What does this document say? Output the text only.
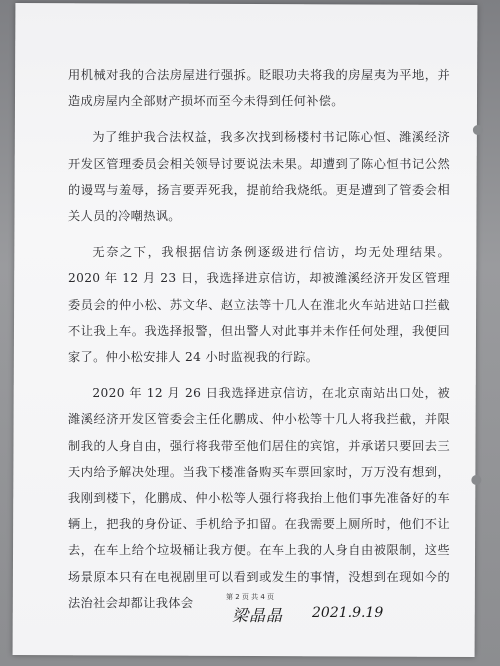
用机械对我的合法房屋进行强拆。眨眼功夫将我的房屋夷为平地，并造成房屋内全部财产损坏而至今未得到任何补偿。

为了维护我合法权益，我多次找到杨楼村书记陈心恒、潍溪经济开发区管理委员会相关领导讨要说法未果。却遭到了陈心恒书记公然的谩骂与羞辱，扬言要弄死我，提前给我烧纸。更是遭到了管委会相关人员的冷嘲热讽。

无奈之下，我根据信访条例逐级进行信访，均无处理结果。2020 年 12 月 23 日，我选择进京信访，却被潍溪经济开发区管理委员会的仲小松、苏文华、赵立法等十几人在淮北火车站进站口拦截不让我上车。我选择报警，但出警人对此事并未作任何处理，我便回家了。仲小松安排人 24 小时监视我的行踪。

2020 年 12 月 26 日我选择进京信访，在北京南站出口处，被潍溪经济开发区管委会主任化鹏成、仲小松等十几人将我拦截，并限制我的人身自由，强行将我带至他们居住的宾馆，并承诺只要回去三天内给予解决处理。当我下楼准备购买车票回家时，万万没有想到，我刚到楼下，化鹏成、仲小松等人强行将我抬上他们事先准备好的车辆上，把我的身份证、手机给予扣留。在我需要上厕所时，他们不让去，在车上给个垃圾桶让我方便。在车上我的人身自由被限制，这些场景原本只有在电视剧里可以看到或发生的事情，没想到在现如今的法治社会却都让我体会	第 2 页 共 4 页
梁晶晶 2021.9.19
